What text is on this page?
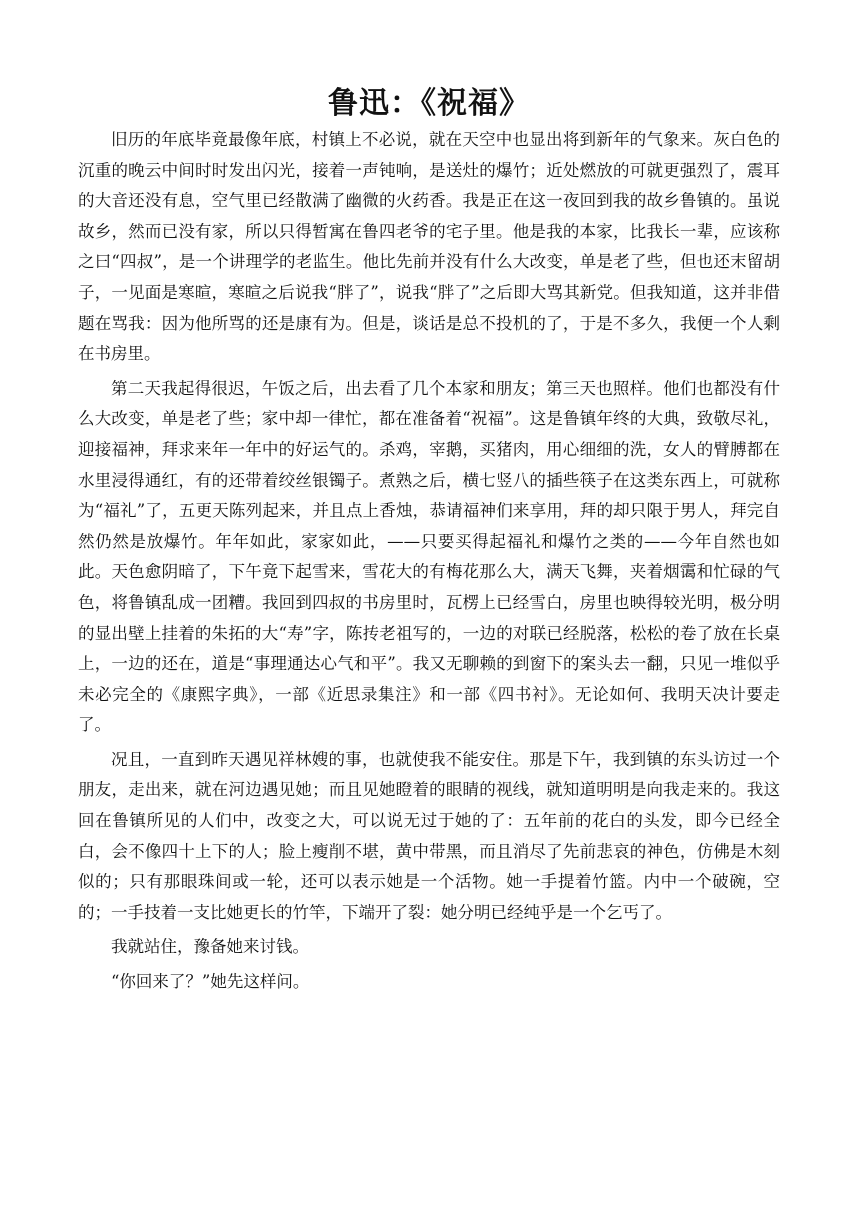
鲁迅：《祝福》

旧历的年底毕竟最像年底，村镇上不必说，就在天空中也显出将到新年的气象来。灰白色的沉重的晚云中间时时发出闪光，接着一声钝响，是送灶的爆竹；近处燃放的可就更强烈了，震耳的大音还没有息，空气里已经散满了幽微的火药香。我是正在这一夜回到我的故乡鲁镇的。虽说故乡，然而已没有家，所以只得暂寓在鲁四老爷的宅子里。他是我的本家，比我长一辈，应该称之曰“四叔”，是一个讲理学的老监生。他比先前并没有什么大改变，单是老了些，但也还末留胡子，一见面是寒暄，寒暄之后说我“胖了”，说我“胖了”之后即大骂其新党。但我知道，这并非借题在骂我：因为他所骂的还是康有为。但是，谈话是总不投机的了，于是不多久，我便一个人剩在书房里。

第二天我起得很迟，午饭之后，出去看了几个本家和朋友；第三天也照样。他们也都没有什么大改变，单是老了些；家中却一律忙，都在准备着“祝福”。这是鲁镇年终的大典，致敬尽礼，迎接福神，拜求来年一年中的好运气的。杀鸡，宰鹅，买猪肉，用心细细的洗，女人的臂膊都在水里浸得通红，有的还带着绞丝银镯子。煮熟之后，横七竖八的插些筷子在这类东西上，可就称为“福礼”了，五更天陈列起来，并且点上香烛，恭请福神们来享用，拜的却只限于男人，拜完自然仍然是放爆竹。年年如此，家家如此，——只要买得起福礼和爆竹之类的——今年自然也如此。天色愈阴暗了，下午竟下起雪来，雪花大的有梅花那么大，满天飞舞，夹着烟霭和忙碌的气色，将鲁镇乱成一团糟。我回到四叔的书房里时，瓦楞上已经雪白，房里也映得较光明，极分明的显出壁上挂着的朱拓的大“寿”字，陈抟老祖写的，一边的对联已经脱落，松松的卷了放在长桌上，一边的还在，道是“事理通达心气和平”。我又无聊赖的到窗下的案头去一翻，只见一堆似乎未必完全的《康熙字典》，一部《近思录集注》和一部《四书衬》。无论如何、我明天决计要走了。

况且，一直到昨天遇见祥林嫂的事，也就使我不能安住。那是下午，我到镇的东头访过一个朋友，走出来，就在河边遇见她；而且见她瞪着的眼睛的视线，就知道明明是向我走来的。我这回在鲁镇所见的人们中，改变之大，可以说无过于她的了：五年前的花白的头发，即今已经全白，会不像四十上下的人；脸上瘦削不堪，黄中带黑，而且消尽了先前悲哀的神色，仿佛是木刻似的；只有那眼珠间或一轮，还可以表示她是一个活物。她一手提着竹篮。内中一个破碗，空的；一手技着一支比她更长的竹竿，下端开了裂：她分明已经纯乎是一个乞丐了。

我就站住，豫备她来讨钱。

“你回来了？”她先这样问。
